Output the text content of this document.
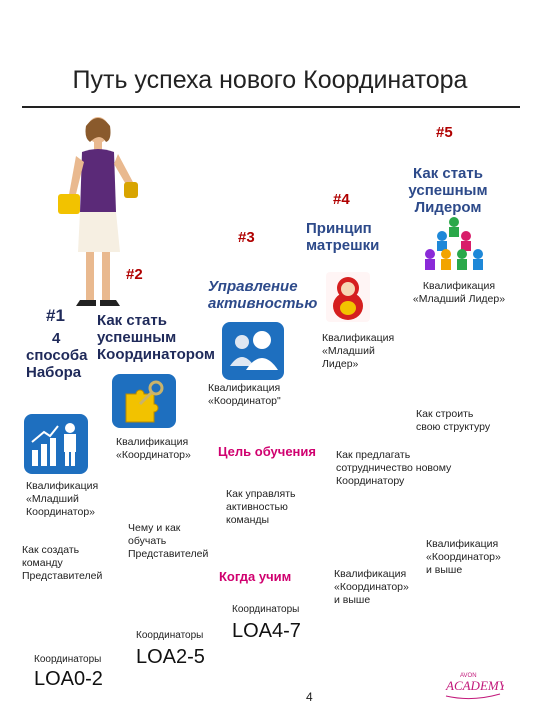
Путь успеха нового Координатора
#5
#4
#3
#2
#1
Как стать
успешным
Лидером
Принцип
матрешки
Управление
активностью
Как стать
успешным
Координатором
4
способа
Набора
Квалификация
«Младший Лидер»
Квалификация
«Младший
Лидер»
Квалификация
«Координатор"
Квалификация
«Координатор»
Квалификация
«Младший
Координатор»
Квалификация
«Координатор»
и выше
Квалификация
«Координатор»
и выше
Цель обучения
Когда учим
Как строить
свою структуру
Как предлагать
сотрудничество новому
Координатору
Как управлять
активностью
команды
Чему и как
обучать
Представителей
Как создать
команду
Представителей
Координаторы
LOA4-7
Координаторы
LOA2-5
Координаторы
LOA0-2
4
ACADEMY
AVON
